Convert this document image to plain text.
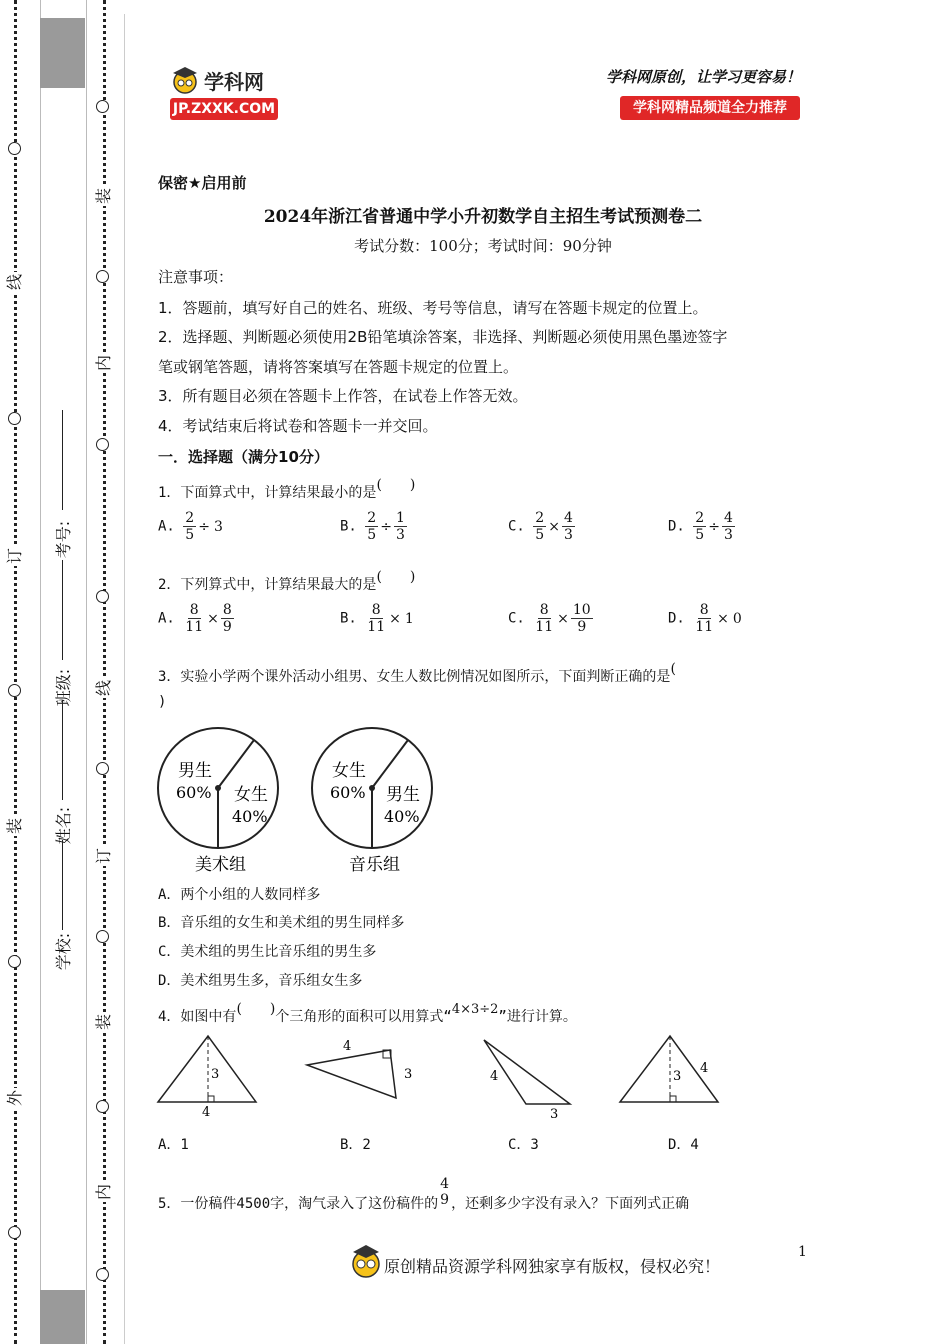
线
订
装
外
装
内
线
订
装
内
考号:
班级:
姓名:
学校:
学科网
JP.ZXXK.COM
学科网原创，让学习更容易！
学科网精品频道全力推荐
保密★启用前
2024年浙江省普通中学小升初数学自主招生考试预测卷二
考试分数：100分；考试时间：90分钟
注意事项：
1．答题前，填写好自己的姓名、班级、考号等信息，请写在答题卡规定的位置上。
2．选择题、判断题必须使用2B铅笔填涂答案，非选择、判断题必须使用黑色墨迹签字
笔或钢笔答题，请将答案填写在答题卡规定的位置上。
3．所有题目必须在答题卡上作答，在试卷上作答无效。
4．考试结束后将试卷和答题卡一并交回。
一．选择题（满分10分）
1．下面算式中，计算结果最小的是(　　)
A. $\frac{2}{5} \div 3$	B. $\frac{2}{5} \div \frac{1}{3}$	C. $\frac{2}{5} \times \frac{4}{3}$	D. $\frac{2}{5} \div \frac{4}{3}$
2．下列算式中，计算结果最大的是(　　)
A. $\frac{8}{11} \times \frac{8}{9}$	B. $\frac{8}{11} \times 1$	C. $\frac{8}{11} \times \frac{10}{9}$	D. $\frac{8}{11} \times 0$
3．实验小学两个课外活动小组男、女生人数比例情况如图所示，下面判断正确的是(
)
男生
60% 女生
40%
美术组
女生
60% 男生
40%
音乐组
A．两个小组的人数同样多
B．音乐组的女生和美术组的男生同样多
C．美术组的男生比音乐组的男生多
D．美术组男生多，音乐组女生多
4．如图中有(　　)个三角形的面积可以用算式“4×3÷2”进行计算。
3
4
4
3	4
3
3
4
A．1	B．2	C．3	D．4
5．一份稿件4500字，淘气录入了这份稿件的
4
9 ，还剩多少字没有录入？下面列式正确
原创精品资源学科网独家享有版权，侵权必究！
1
